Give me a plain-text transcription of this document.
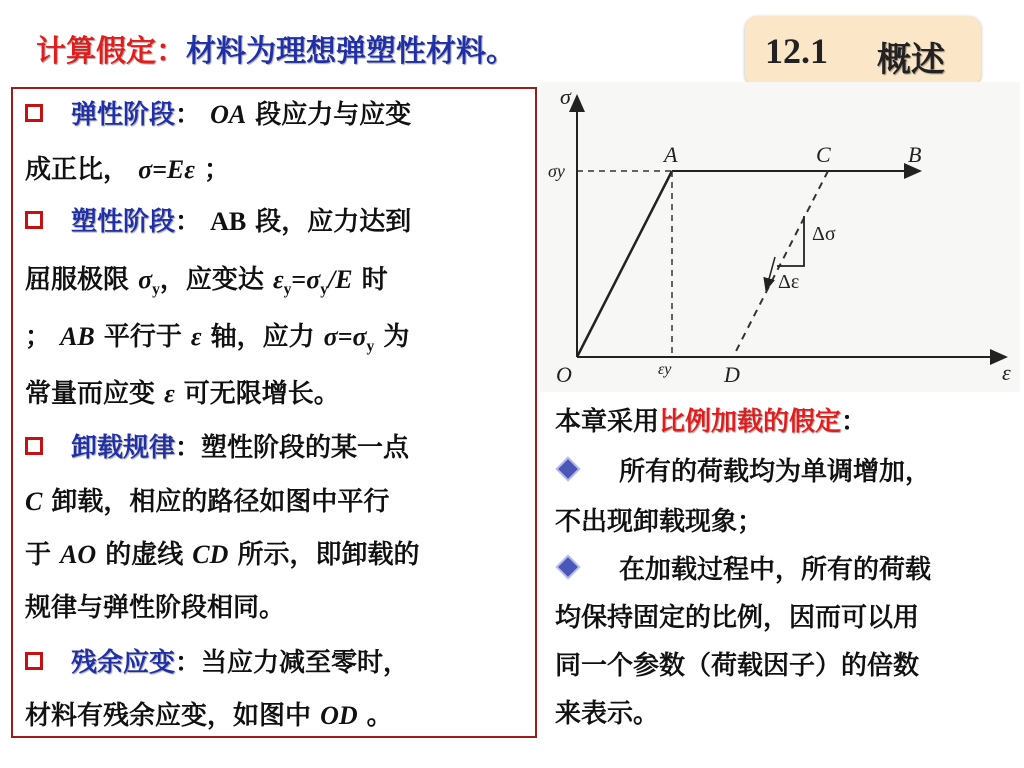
计算假定：材料为理想弹塑性材料。	12.1 概述
弹性阶段： OA 段应力与应变
成正比， σ=Eε ；
塑性阶段： AB 段，应力达到
屈服极限 $\sigma_y$，应变达 $\varepsilon_y=\sigma_y/E$ 时
； AB 平行于 ε 轴，应力 $\sigma=\sigma_y$ 为
常量而应变 ε 可无限增长。
卸载规律：塑性阶段的某一点
C 卸载，相应的路径如图中平行
于 AO 的虚线 CD 所示，即卸载的
规律与弹性阶段相同。
残余应变：当应力减至零时，
材料有残余应变，如图中 OD 。
σ
ε
σy
εy
O
A	C	B
D
Δσ
Δε
本章采用比例加载的假定：
所有的荷载均为单调增加，
不出现卸载现象；
在加载过程中，所有的荷载
均保持固定的比例，因而可以用
同一个参数（荷载因子）的倍数
来表示。
